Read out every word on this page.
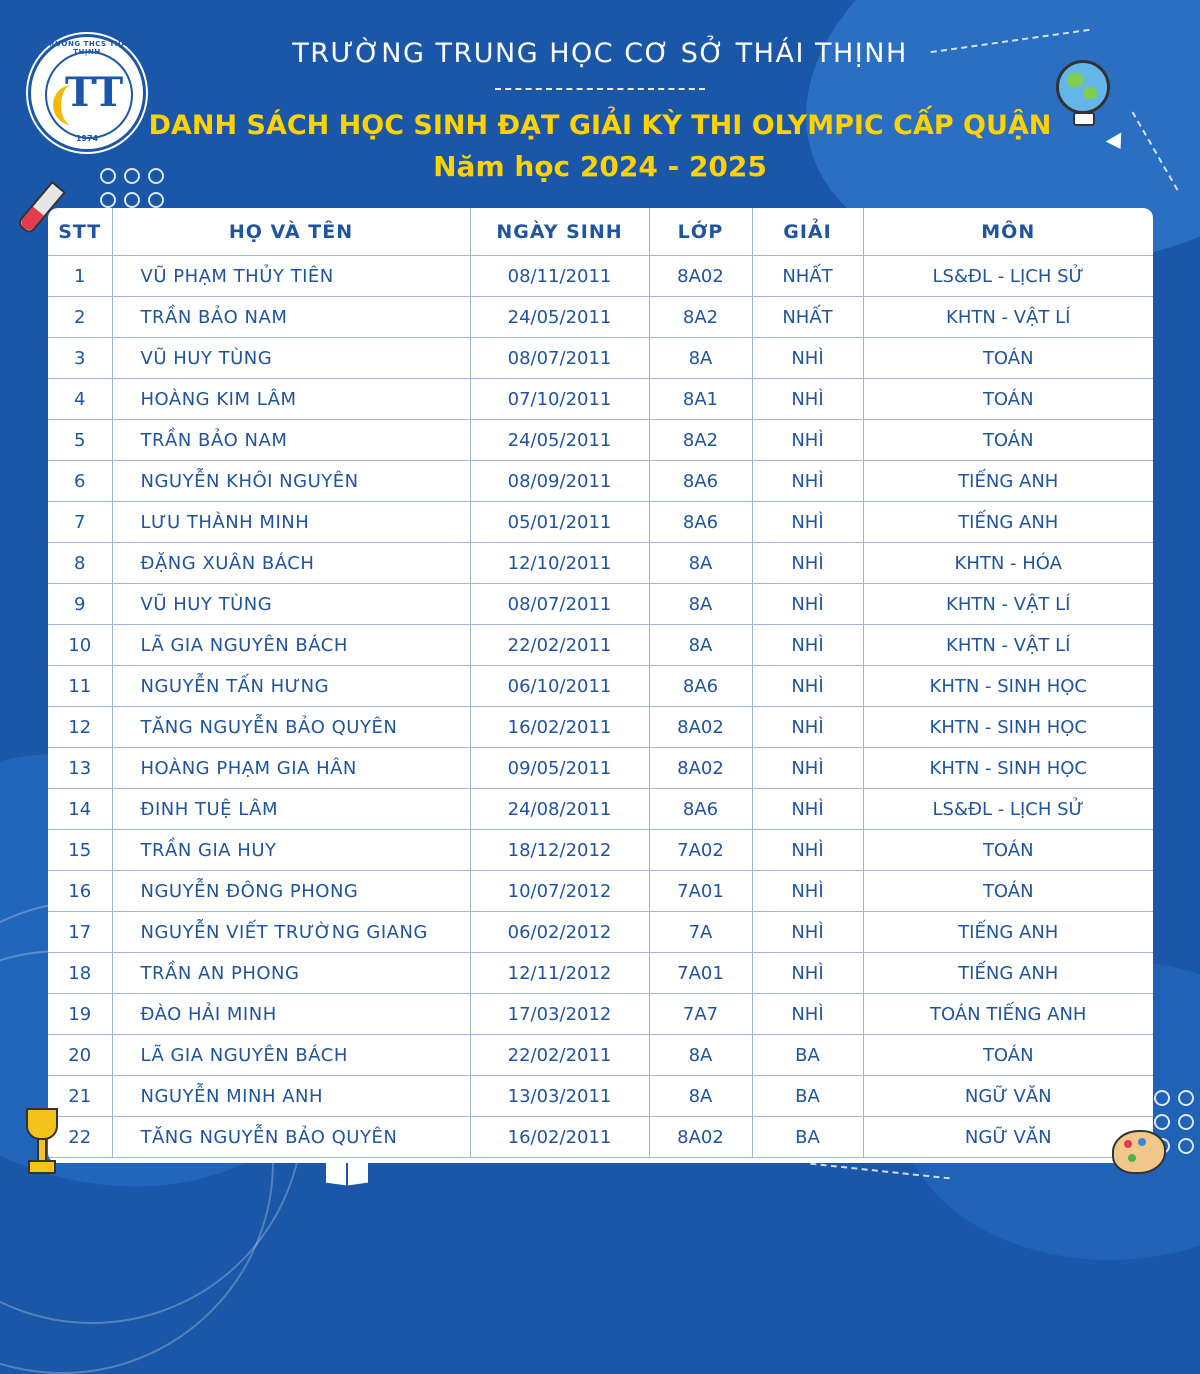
TRƯỜNG THCS THÁI THỊNH
TT
1974
TRƯỜNG TRUNG HỌC CƠ SỞ THÁI THỊNH
DANH SÁCH HỌC SINH ĐẠT GIẢI KỲ THI OLYMPIC CẤP QUẬN
Năm học 2024 - 2025
STT	HỌ VÀ TÊN	NGÀY SINH	LỚP	GIẢI	MÔN
1	VŨ PHẠM THỦY TIÊN	08/11/2011	8A02	NHẤT	LS&ĐL - LỊCH SỬ
2	TRẦN BẢO NAM	24/05/2011	8A2	NHẤT	KHTN - VẬT LÍ
3	VŨ HUY TÙNG	08/07/2011	8A	NHÌ	TOÁN
4	HOÀNG KIM LÂM	07/10/2011	8A1	NHÌ	TOÁN
5	TRẦN BẢO NAM	24/05/2011	8A2	NHÌ	TOÁN
6	NGUYỄN KHÔI NGUYÊN	08/09/2011	8A6	NHÌ	TIẾNG ANH
7	LƯU THÀNH MINH	05/01/2011	8A6	NHÌ	TIẾNG ANH
8	ĐẶNG XUÂN BÁCH	12/10/2011	8A	NHÌ	KHTN - HÓA
9	VŨ HUY TÙNG	08/07/2011	8A	NHÌ	KHTN - VẬT LÍ
10	LÃ GIA NGUYÊN BÁCH	22/02/2011	8A	NHÌ	KHTN - VẬT LÍ
11	NGUYỄN TẤN HƯNG	06/10/2011	8A6	NHÌ	KHTN - SINH HỌC
12	TĂNG NGUYỄN BẢO QUYÊN	16/02/2011	8A02	NHÌ	KHTN - SINH HỌC
13	HOÀNG PHẠM GIA HÂN	09/05/2011	8A02	NHÌ	KHTN - SINH HỌC
14	ĐINH TUỆ LÂM	24/08/2011	8A6	NHÌ	LS&ĐL - LỊCH SỬ
15	TRẦN GIA HUY	18/12/2012	7A02	NHÌ	TOÁN
16	NGUYỄN ĐÔNG PHONG	10/07/2012	7A01	NHÌ	TOÁN
17	NGUYỄN VIẾT TRƯỜNG GIANG	06/02/2012	7A	NHÌ	TIẾNG ANH
18	TRẦN AN PHONG	12/11/2012	7A01	NHÌ	TIẾNG ANH
19	ĐÀO HẢI MINH	17/03/2012	7A7	NHÌ	TOÁN TIẾNG ANH
20	LÃ GIA NGUYÊN BÁCH	22/02/2011	8A	BA	TOÁN
21	NGUYỄN MINH ANH	13/03/2011	8A	BA	NGỮ VĂN
22	TĂNG NGUYỄN BẢO QUYÊN	16/02/2011	8A02	BA	NGỮ VĂN
